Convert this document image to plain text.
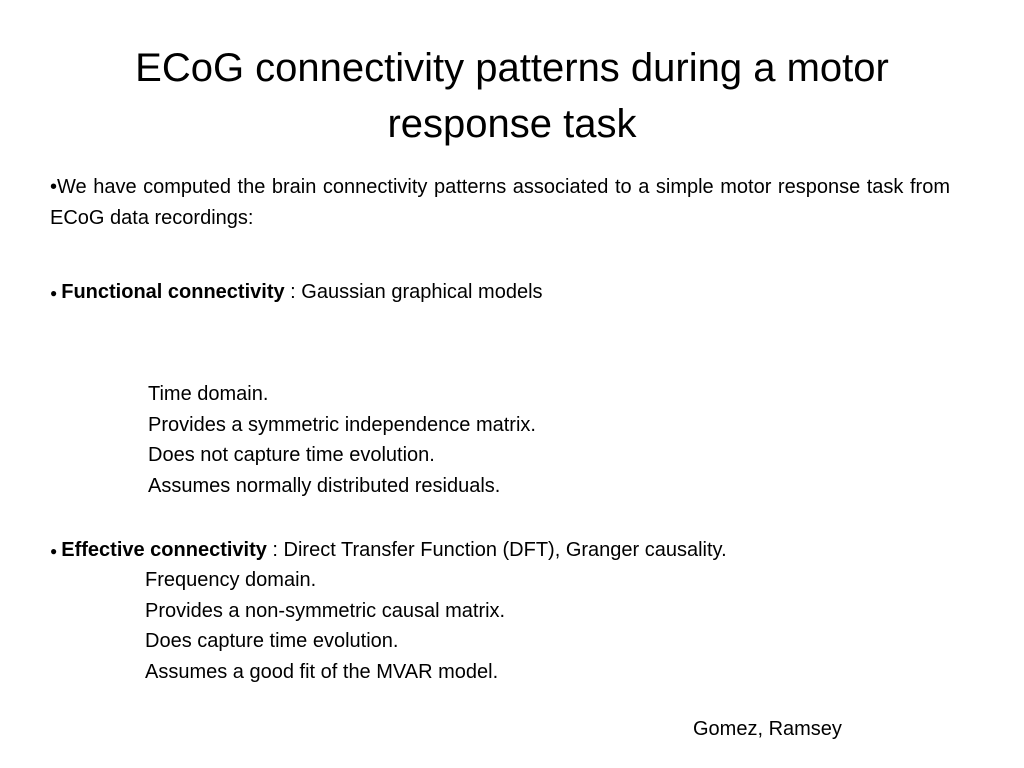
ECoG connectivity patterns during a motor response task

•We have computed the brain connectivity patterns associated to a simple motor response task from ECoG data recordings:

● Functional connectivity : Gaussian graphical models

Time domain.
Provides a symmetric independence matrix.
Does not capture time evolution.
Assumes normally distributed residuals.

● Effective connectivity : Direct Transfer Function (DFT), Granger causality.

Frequency domain.
Provides a non-symmetric causal matrix.
Does capture time evolution.
Assumes a good fit of the MVAR model.

Gomez, Ramsey
